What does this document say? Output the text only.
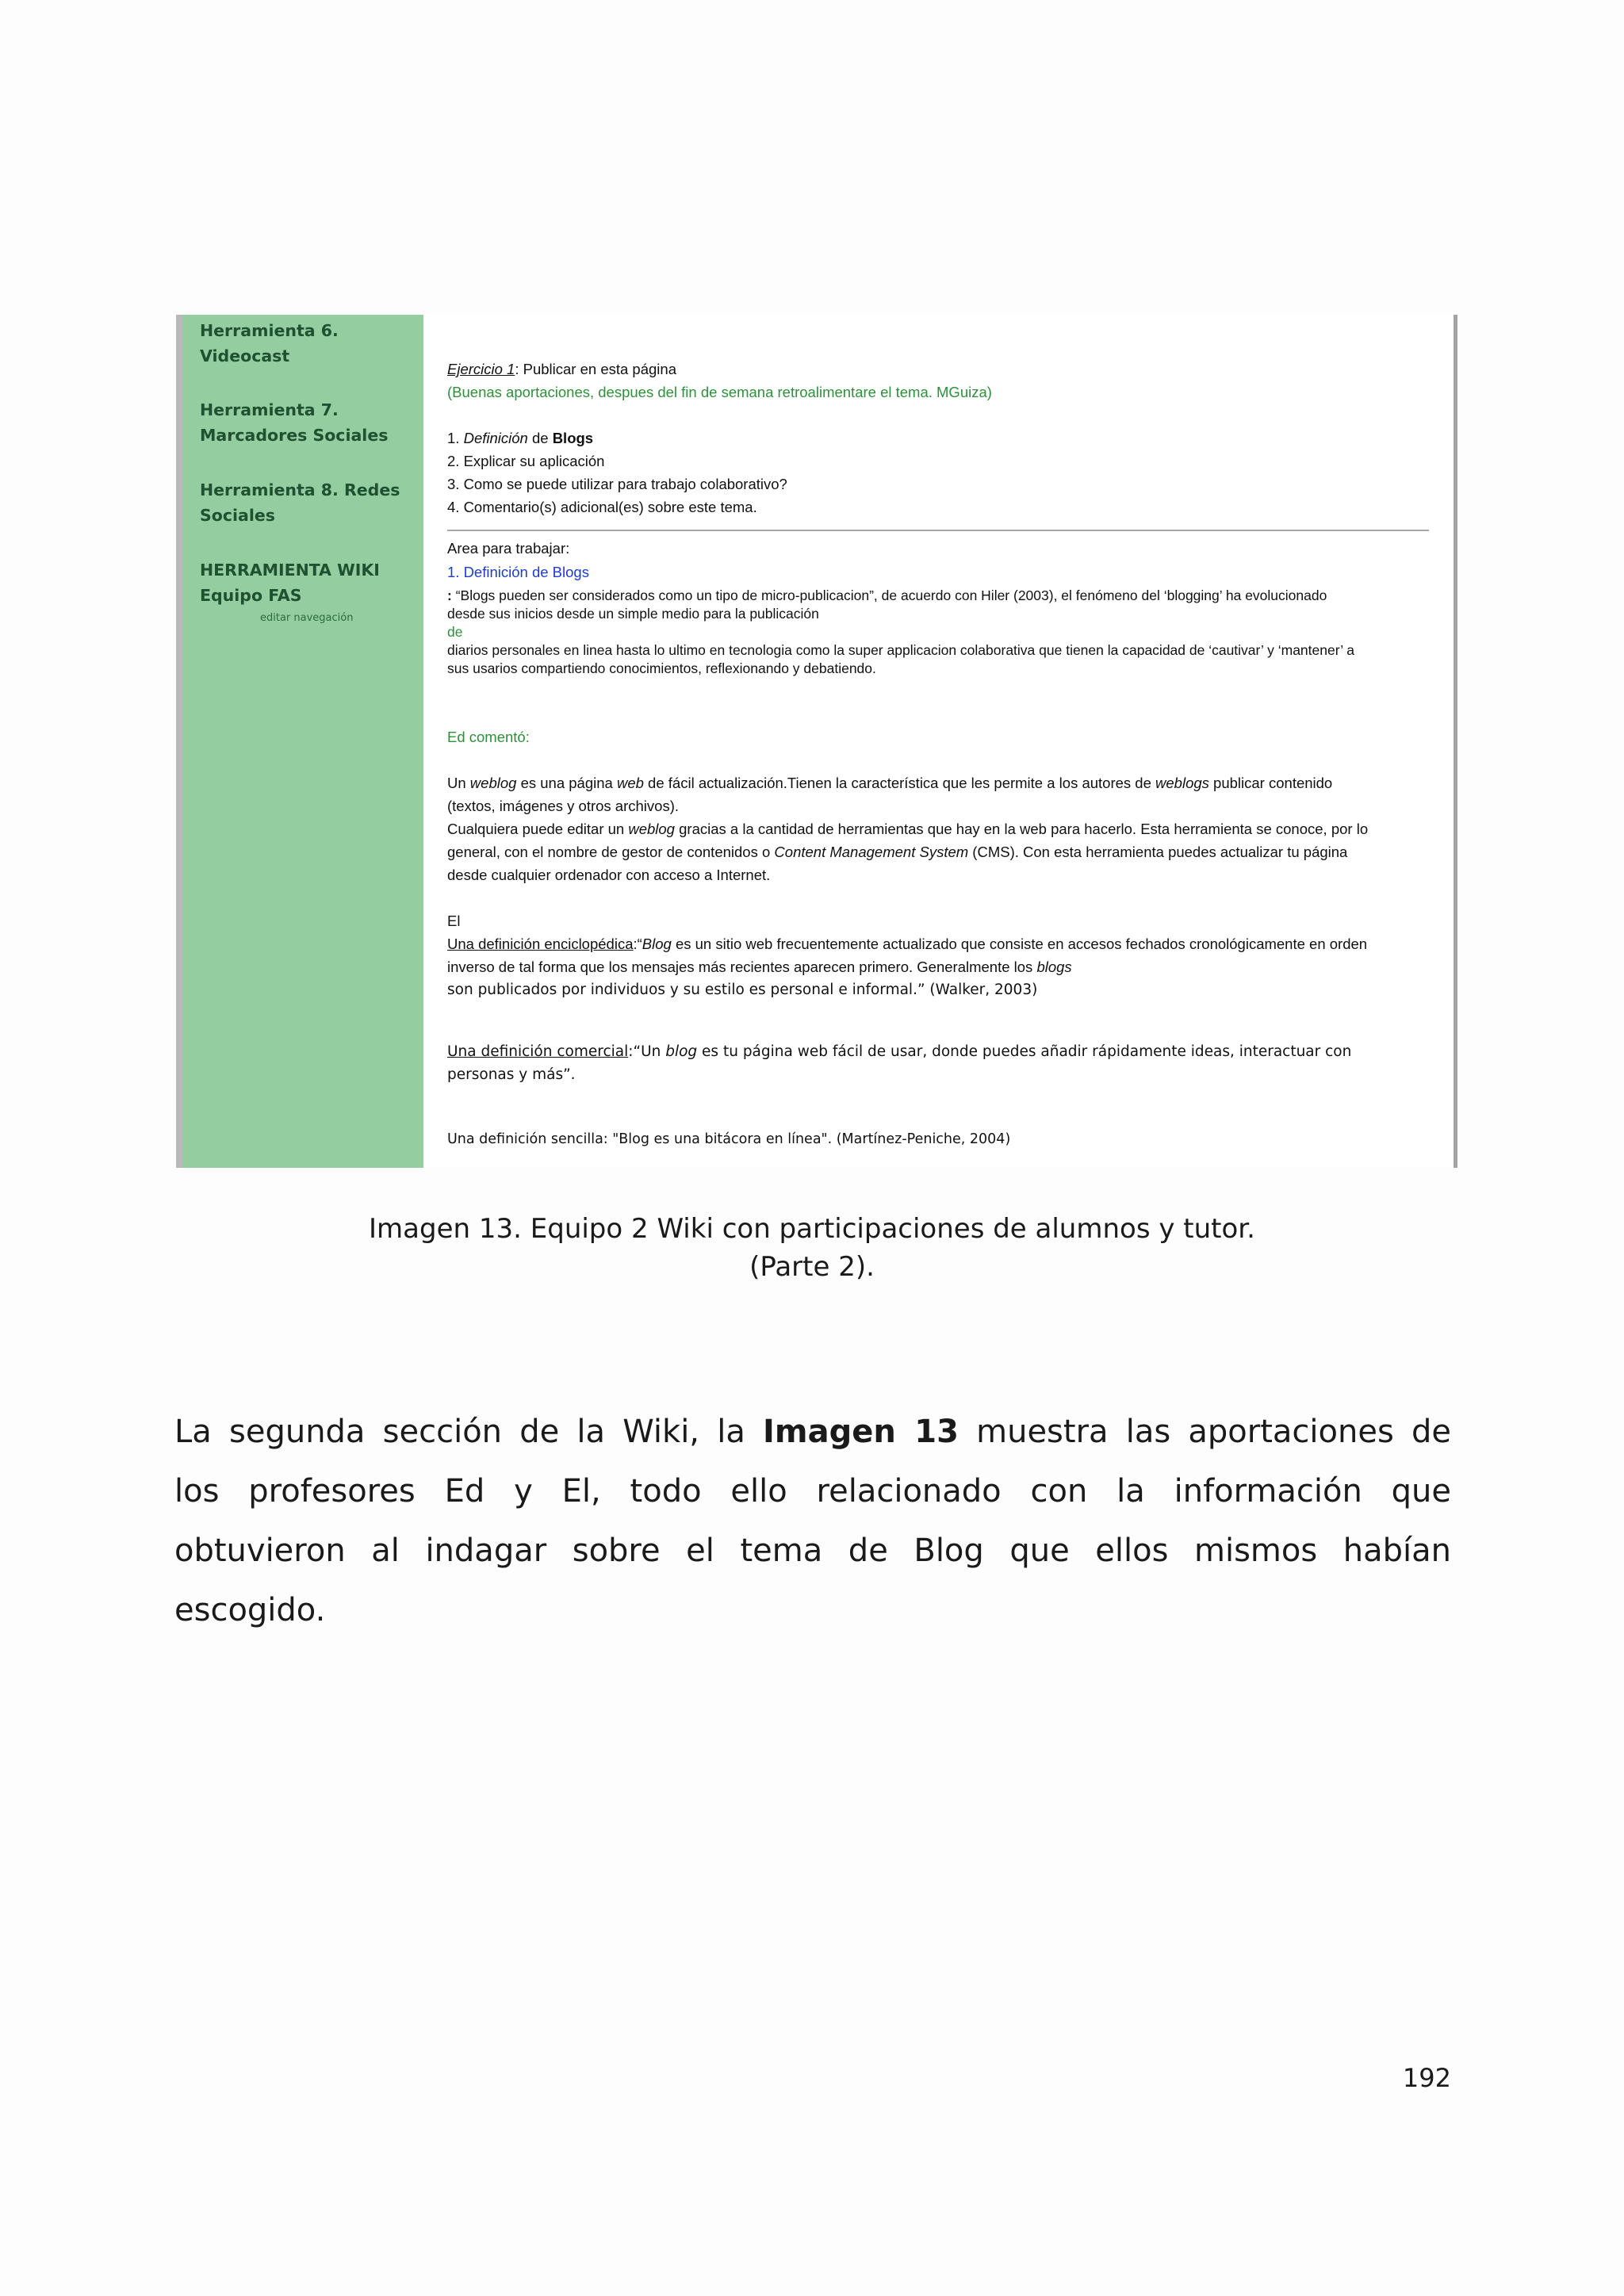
Herramienta 6.
Videocast
Herramienta 7.
Marcadores Sociales
Herramienta 8. Redes
Sociales
HERRAMIENTA WIKI
Equipo FAS
editar navegación
Ejercicio 1: Publicar en esta página
(Buenas aportaciones, despues del fin de semana retroalimentare el tema. MGuiza)
1. Definición de Blogs
2. Explicar su aplicación
3. Como se puede utilizar para trabajo colaborativo?
4. Comentario(s) adicional(es) sobre este tema.
Area para trabajar:
1. Definición de Blogs
: “Blogs pueden ser considerados como un tipo de micro-publicacion”, de acuerdo con Hiler (2003), el fenómeno del ‘blogging’ ha evolucionado
desde sus inicios desde un simple medio para la publicación
de
diarios personales en linea hasta lo ultimo en tecnologia como la super applicacion colaborativa que tienen la capacidad de ‘cautivar’ y ‘mantener’ a
sus usarios compartiendo conocimientos, reflexionando y debatiendo.
Ed comentó:
Un weblog es una página web de fácil actualización.Tienen la característica que les permite a los autores de weblogs publicar contenido
(textos, imágenes y otros archivos).
Cualquiera puede editar un weblog gracias a la cantidad de herramientas que hay en la web para hacerlo. Esta herramienta se conoce, por lo
general, con el nombre de gestor de contenidos o Content Management System (CMS). Con esta herramienta puedes actualizar tu página
desde cualquier ordenador con acceso a Internet.
El
Una definición enciclopédica:“Blog es un sitio web frecuentemente actualizado que consiste en accesos fechados cronológicamente en orden
inverso de tal forma que los mensajes más recientes aparecen primero. Generalmente los blogs
son publicados por individuos y su estilo es personal e informal.” (Walker, 2003)
Una definición comercial:“Un blog es tu página web fácil de usar, donde puedes añadir rápidamente ideas, interactuar con
personas y más”.
Una definición sencilla: "Blog es una bitácora en línea". (Martínez-Peniche, 2004)
Imagen 13. Equipo 2 Wiki con participaciones de alumnos y tutor.
(Parte 2).
La segunda sección de la Wiki, la Imagen 13 muestra las aportaciones de
los profesores Ed y El, todo ello relacionado con la información que
obtuvieron al indagar sobre el tema de Blog que ellos mismos habían
escogido.
192
